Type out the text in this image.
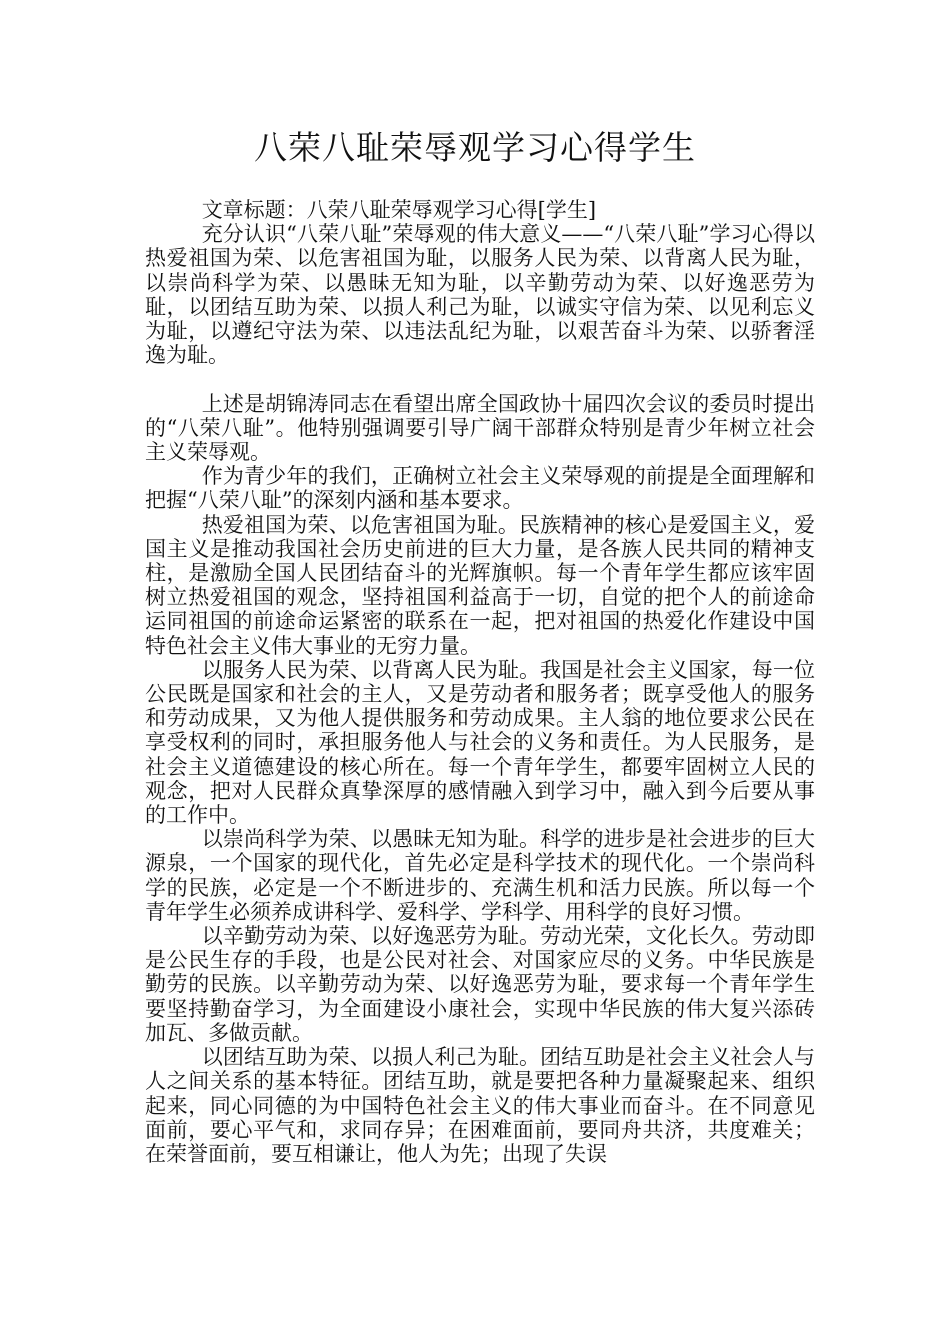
八荣八耻荣辱观学习心得学生

文章标题：八荣八耻荣辱观学习心得[学生]

充分认识“八荣八耻”荣辱观的伟大意义——“八荣八耻”学习心得以热爱祖国为荣、以危害祖国为耻，以服务人民为荣、以背离人民为耻，以崇尚科学为荣、以愚昧无知为耻，以辛勤劳动为荣、以好逸恶劳为耻，以团结互助为荣、以损人利己为耻，以诚实守信为荣、以见利忘义为耻，以遵纪守法为荣、以违法乱纪为耻，以艰苦奋斗为荣、以骄奢淫逸为耻。

上述是胡锦涛同志在看望出席全国政协十届四次会议的委员时提出的“八荣八耻”。他特别强调要引导广阔干部群众特别是青少年树立社会主义荣辱观。

作为青少年的我们，正确树立社会主义荣辱观的前提是全面理解和把握“八荣八耻”的深刻内涵和基本要求。

热爱祖国为荣、以危害祖国为耻。民族精神的核心是爱国主义，爱国主义是推动我国社会历史前进的巨大力量，是各族人民共同的精神支柱，是激励全国人民团结奋斗的光辉旗帜。每一个青年学生都应该牢固树立热爱祖国的观念，坚持祖国利益高于一切，自觉的把个人的前途命运同祖国的前途命运紧密的联系在一起，把对祖国的热爱化作建设中国特色社会主义伟大事业的无穷力量。

以服务人民为荣、以背离人民为耻。我国是社会主义国家，每一位公民既是国家和社会的主人，又是劳动者和服务者；既享受他人的服务和劳动成果，又为他人提供服务和劳动成果。主人翁的地位要求公民在享受权利的同时，承担服务他人与社会的义务和责任。为人民服务，是社会主义道德建设的核心所在。每一个青年学生，都要牢固树立人民的观念，把对人民群众真挚深厚的感情融入到学习中，融入到今后要从事的工作中。

以崇尚科学为荣、以愚昧无知为耻。科学的进步是社会进步的巨大源泉，一个国家的现代化，首先必定是科学技术的现代化。一个崇尚科学的民族，必定是一个不断进步的、充满生机和活力民族。所以每一个青年学生必须养成讲科学、爱科学、学科学、用科学的良好习惯。

以辛勤劳动为荣、以好逸恶劳为耻。劳动光荣，文化长久。劳动即是公民生存的手段，也是公民对社会、对国家应尽的义务。中华民族是勤劳的民族。以辛勤劳动为荣、以好逸恶劳为耻，要求每一个青年学生要坚持勤奋学习，为全面建设小康社会，实现中华民族的伟大复兴添砖加瓦、多做贡献。

以团结互助为荣、以损人利己为耻。团结互助是社会主义社会人与人之间关系的基本特征。团结互助，就是要把各种力量凝聚起来、组织起来，同心同德的为中国特色社会主义的伟大事业而奋斗。在不同意见面前，要心平气和，求同存异；在困难面前，要同舟共济，共度难关；在荣誉面前，要互相谦让，他人为先；出现了失误
